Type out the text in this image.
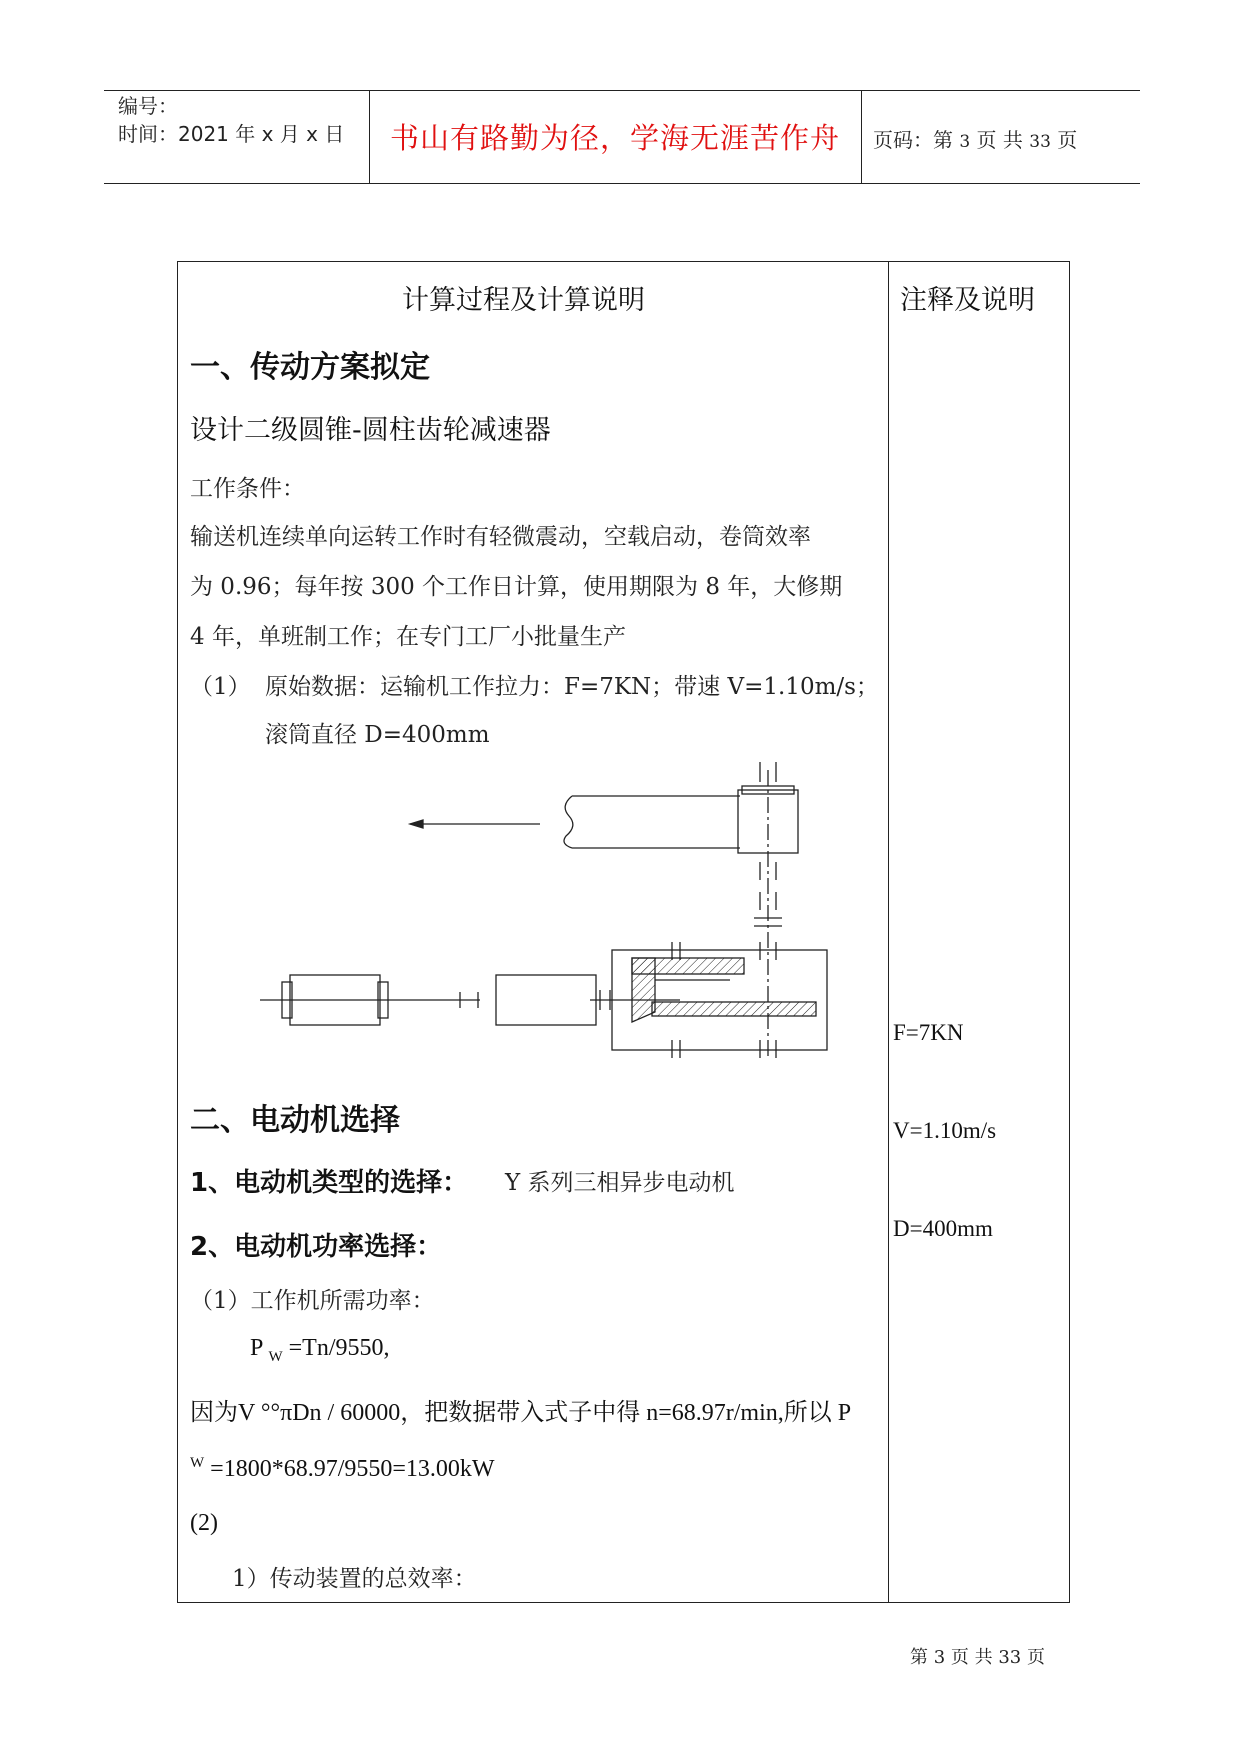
编号：
时间：2021 年 x 月 x 日	书山有路勤为径，学海无涯苦作舟	页码：第 3 页 共 33 页
计算过程及计算说明	注释及说明
一、传动方案拟定
设计二级圆锥-圆柱齿轮减速器
工作条件：
输送机连续单向运转工作时有轻微震动，空载启动，卷筒效率
为 0.96；每年按 300 个工作日计算，使用期限为 8 年，大修期
4 年，单班制工作；在专门工厂小批量生产
（1） 原始数据：运输机工作拉力：F=7KN；带速 V=1.10m/s；
滚筒直径 D=400mm
二、电动机选择
1、电动机类型的选择： Y 系列三相异步电动机
2、电动机功率选择：
（1）工作机所需功率：
P $_W$ =Tn/9550,
因为V °°πDn / 60000，把数据带入式子中得 n=68.97r/min,所以 P
$^W$ =1800*68.97/9550=13.00kW
(2)
1）传动装置的总效率：
F=7KN
V=1.10m/s
D=400mm
第 3 页 共 33 页
